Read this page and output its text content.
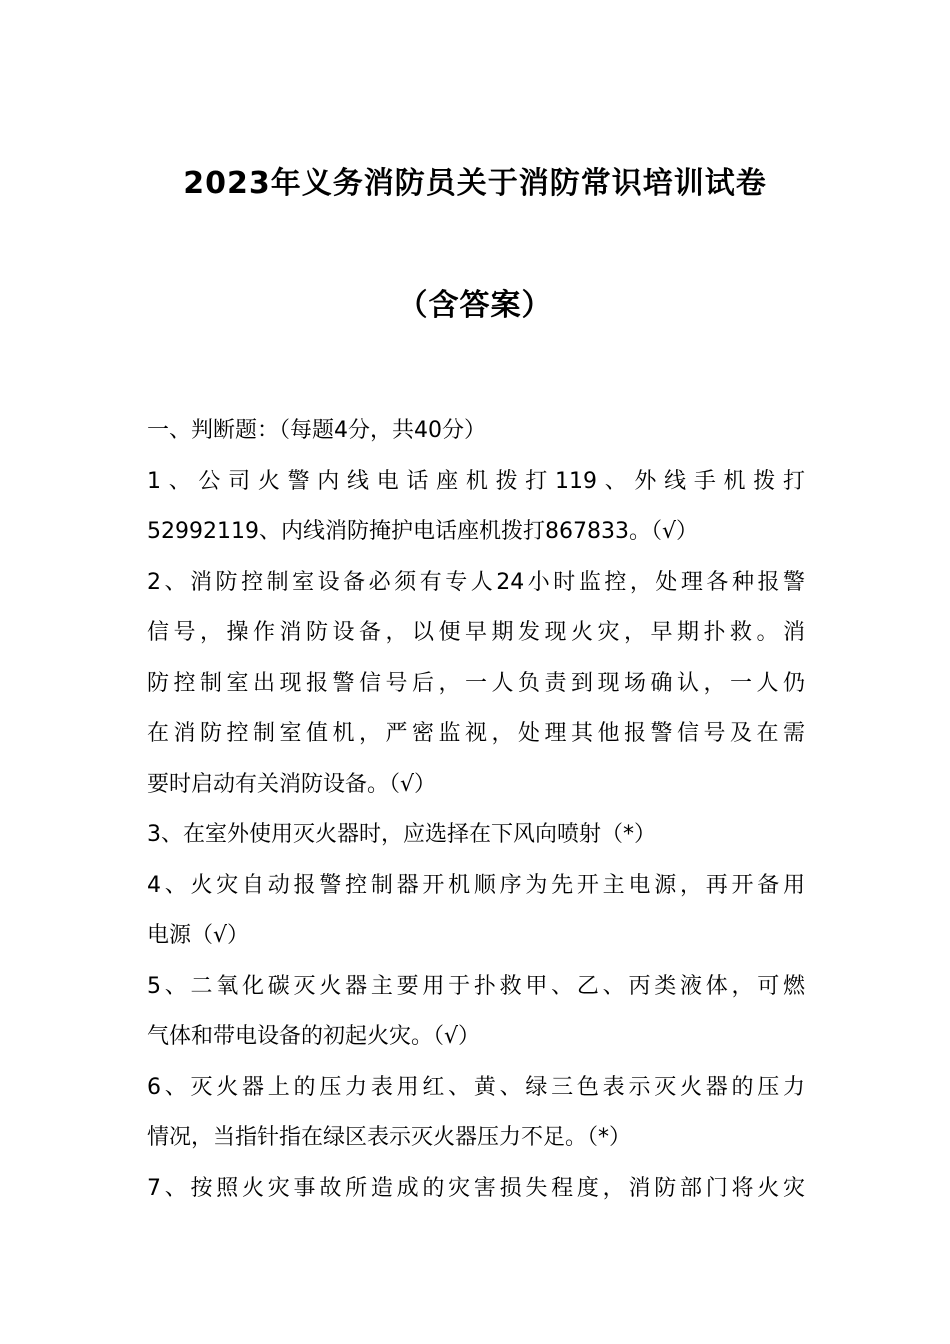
2023年义务消防员关于消防常识培训试卷
（含答案）
一、判断题：（每题4分，共40分）
1、公司火警内线电话座机拨打119、外线手机拨打
52992119、内线消防掩护电话座机拨打867833。（√）
2、消防控制室设备必须有专人24小时监控，处理各种报警
信号，操作消防设备，以便早期发现火灾，早期扑救。消
防控制室出现报警信号后，一人负责到现场确认，一人仍
在消防控制室值机，严密监视，处理其他报警信号及在需
要时启动有关消防设备。（√）
3、在室外使用灭火器时，应选择在下风向喷射（*）
4、火灾自动报警控制器开机顺序为先开主电源，再开备用
电源（√）
5、二氧化碳灭火器主要用于扑救甲、乙、丙类液体，可燃
气体和带电设备的初起火灾。（√）
6、灭火器上的压力表用红、黄、绿三色表示灭火器的压力
情况，当指针指在绿区表示灭火器压力不足。（*）
7、按照火灾事故所造成的灾害损失程度，消防部门将火灾
